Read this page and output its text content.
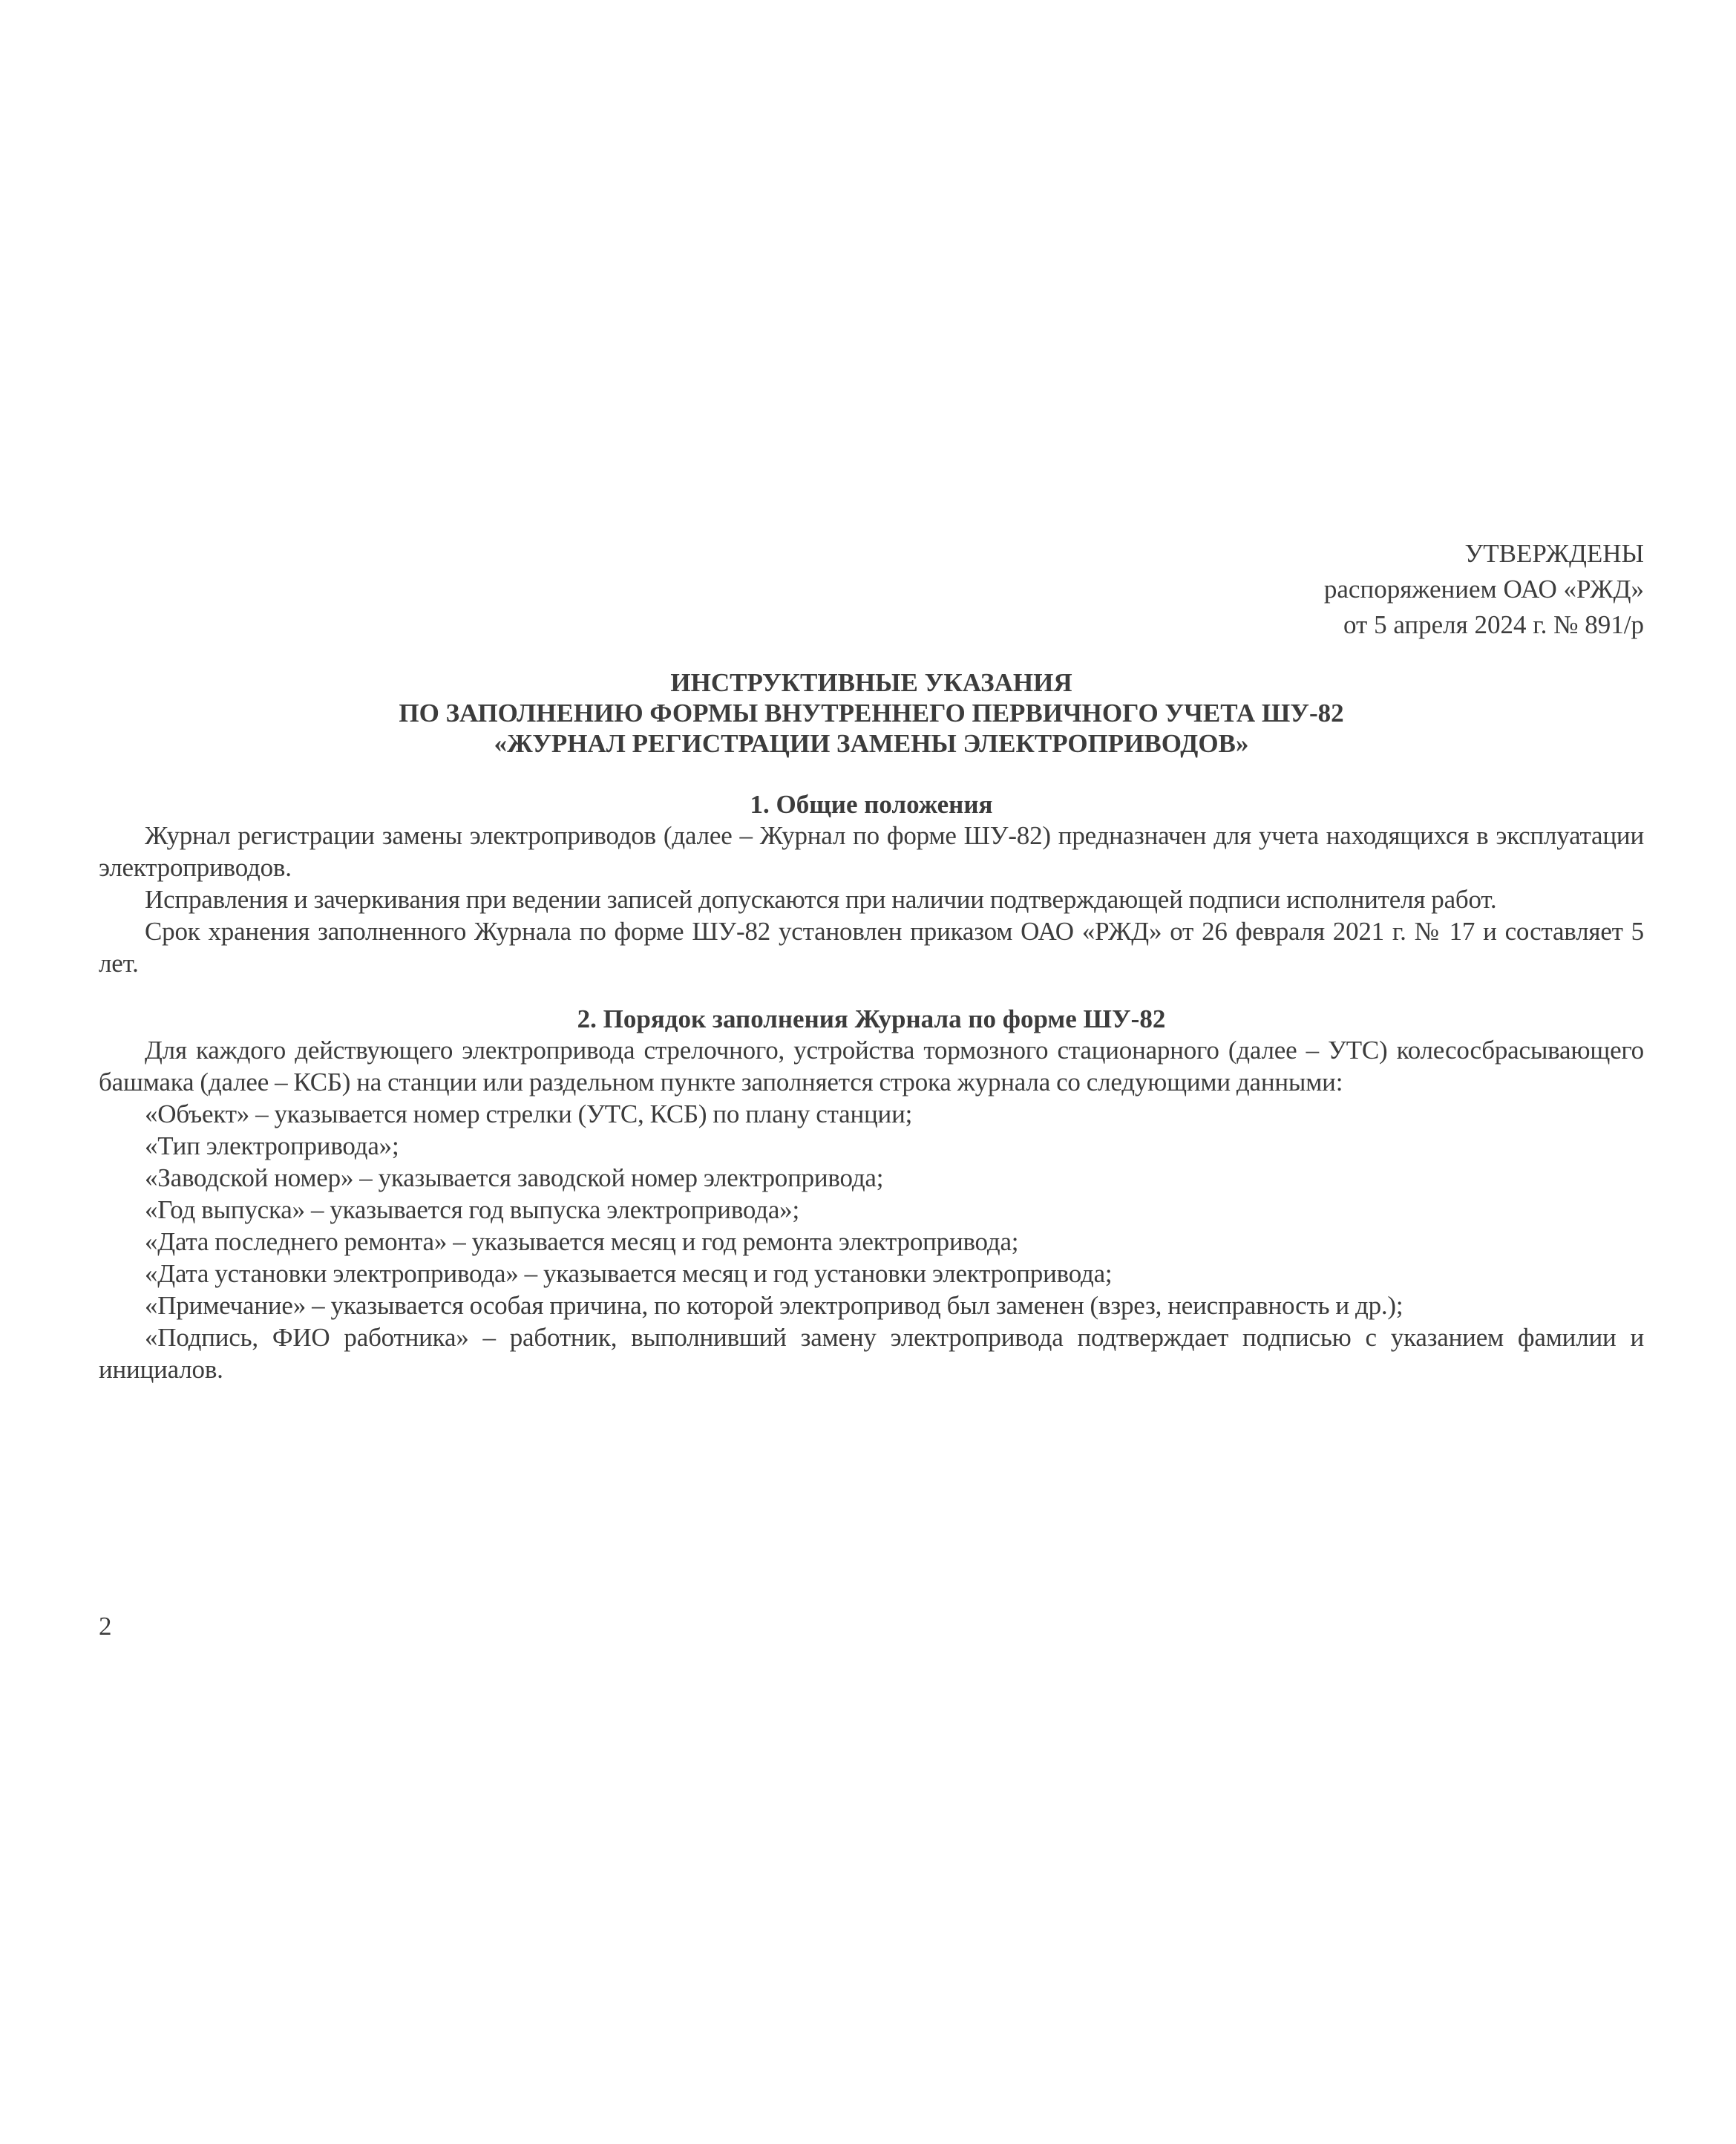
УТВЕРЖДЕНЫ
распоряжением ОАО «РЖД»
от 5 апреля 2024 г. № 891/р
ИНСТРУКТИВНЫЕ УКАЗАНИЯ
ПО ЗАПОЛНЕНИЮ ФОРМЫ ВНУТРЕННЕГО ПЕРВИЧНОГО УЧЕТА ШУ-82
«ЖУРНАЛ РЕГИСТРАЦИИ ЗАМЕНЫ ЭЛЕКТРОПРИВОДОВ»
1. Общие положения

Журнал регистрации замены электроприводов (далее – Журнал по форме ШУ-82) предназначен для учета находящихся в эксплуатации электроприводов.

Исправления и зачеркивания при ведении записей допускаются при наличии подтверждающей подписи исполнителя работ.

Срок хранения заполненного Журнала по форме ШУ-82 установлен приказом ОАО «РЖД» от 26 февраля 2021 г. № 17 и составляет 5 лет.

2. Порядок заполнения Журнала по форме ШУ-82

Для каждого действующего электропривода стрелочного, устройства тормозного стационарного (далее – УТС) колесосбрасывающего башмака (далее – КСБ) на станции или раздельном пункте заполняется строка журнала со следующими данными:

«Объект» – указывается номер стрелки (УТС, КСБ) по плану станции;

«Тип электропривода»;

«Заводской номер» – указывается заводской номер электропривода;

«Год выпуска» – указывается год выпуска электропривода»;

«Дата последнего ремонта» – указывается месяц и год ремонта электропривода;

«Дата установки электропривода» – указывается месяц и год установки электропривода;

«Примечание» – указывается особая причина, по которой электропривод был заменен (взрез, неисправность и др.);

«Подпись, ФИО работника» – работник, выполнивший замену электропривода подтверждает подписью с указанием фамилии и инициалов.

2
